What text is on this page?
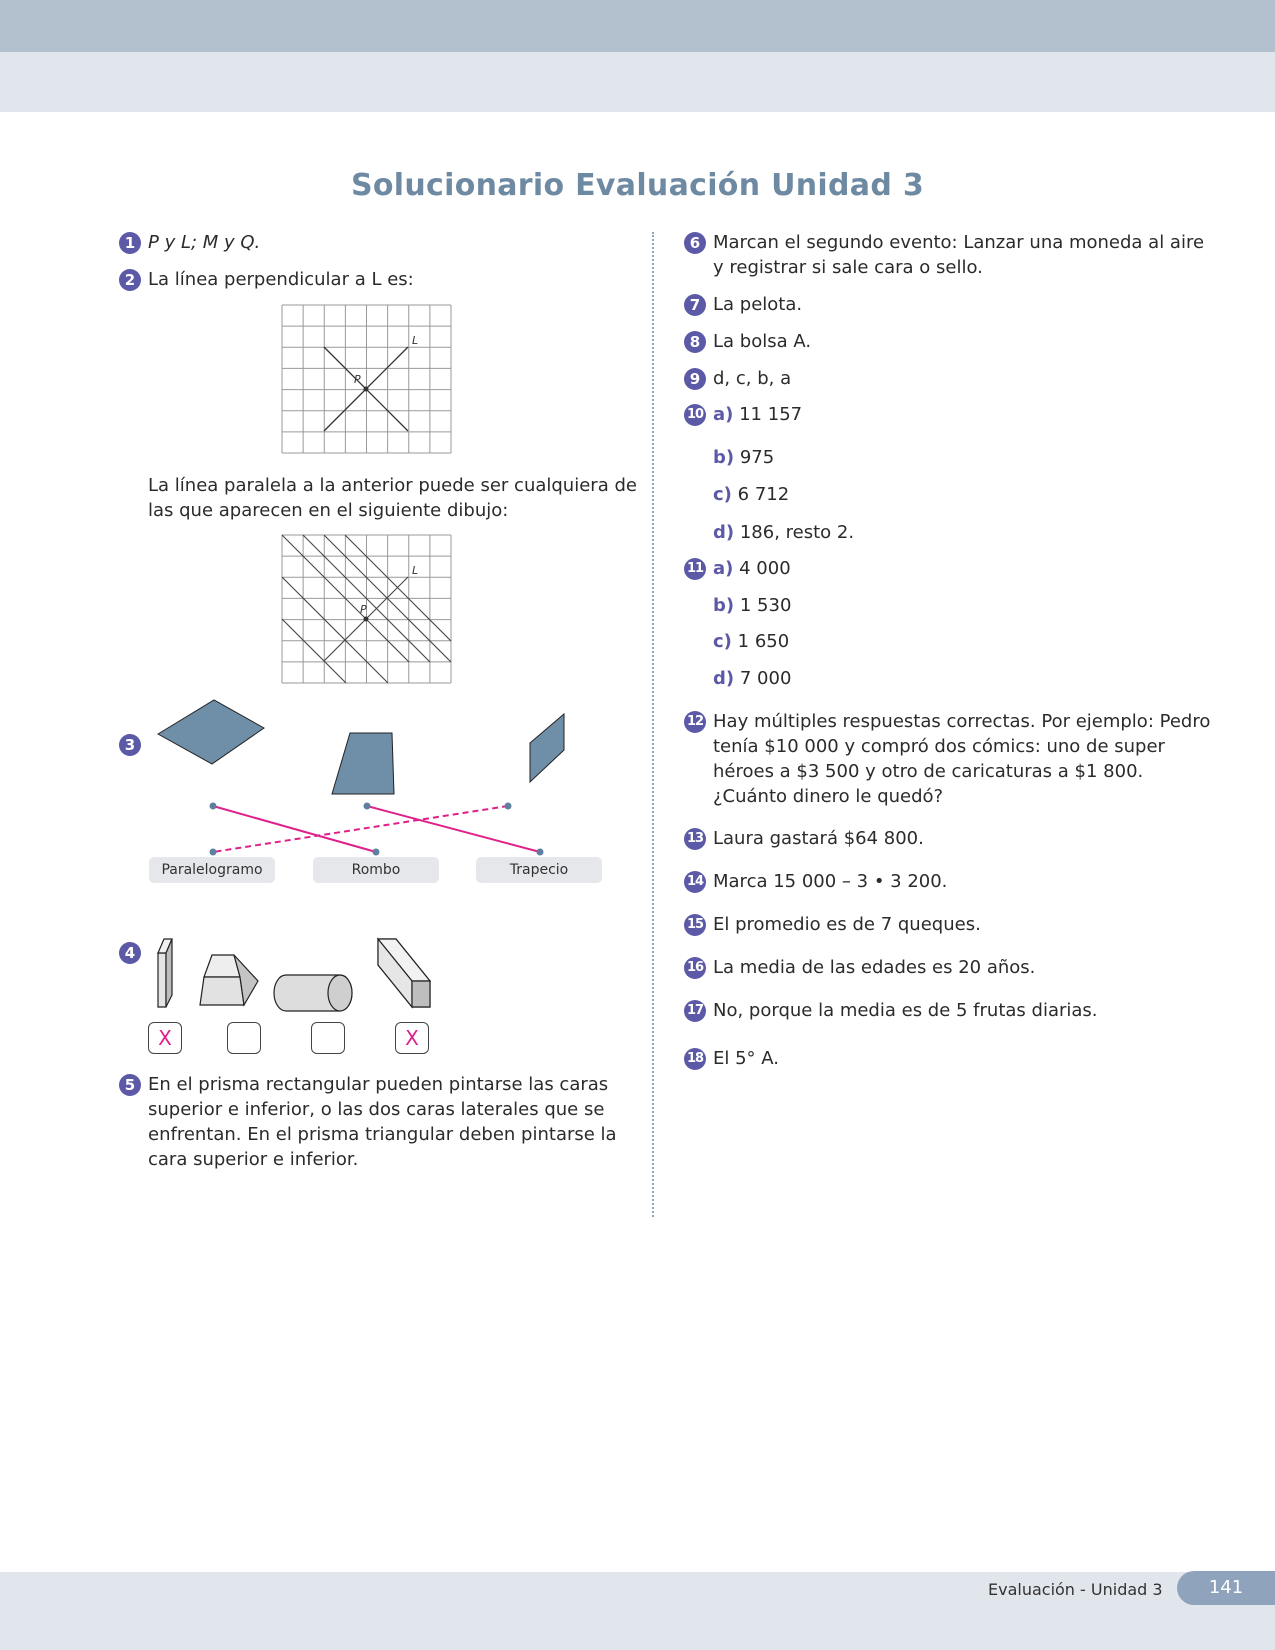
Solucionario Evaluación Unidad 3
1 P y L; M y Q.
2 La línea perpendicular a L es:
L
P
La línea paralela a la anterior puede ser cualquiera de
las que aparecen en el siguiente dibujo:
L
P
3
Paralelogramo	Rombo	Trapecio
4
X	X
5 En el prisma rectangular pueden pintarse las caras
superior e inferior, o las dos caras laterales que se
enfrentan. En el prisma triangular deben pintarse la
cara superior e inferior.
6 Marcan el segundo evento: Lanzar una moneda al aire
y registrar si sale cara o sello.
7 La pelota.
8 La bolsa A.
9 d, c, b, a
10 a) 11 157
b) 975
c) 6 712
d) 186, resto 2.
11 a) 4 000
b) 1 530
c) 1 650
d) 7 000
12 Hay múltiples respuestas correctas. Por ejemplo: Pedro
tenía $10 000 y compró dos cómics: uno de super
héroes a $3 500 y otro de caricaturas a $1 800.
¿Cuánto dinero le quedó?
13 Laura gastará $64 800.
14 Marca 15 000 – 3 • 3 200.
15 El promedio es de 7 queques.
16 La media de las edades es 20 años.
17 No, porque la media es de 5 frutas diarias.
18 El 5° A.
Evaluación - Unidad 3	141
